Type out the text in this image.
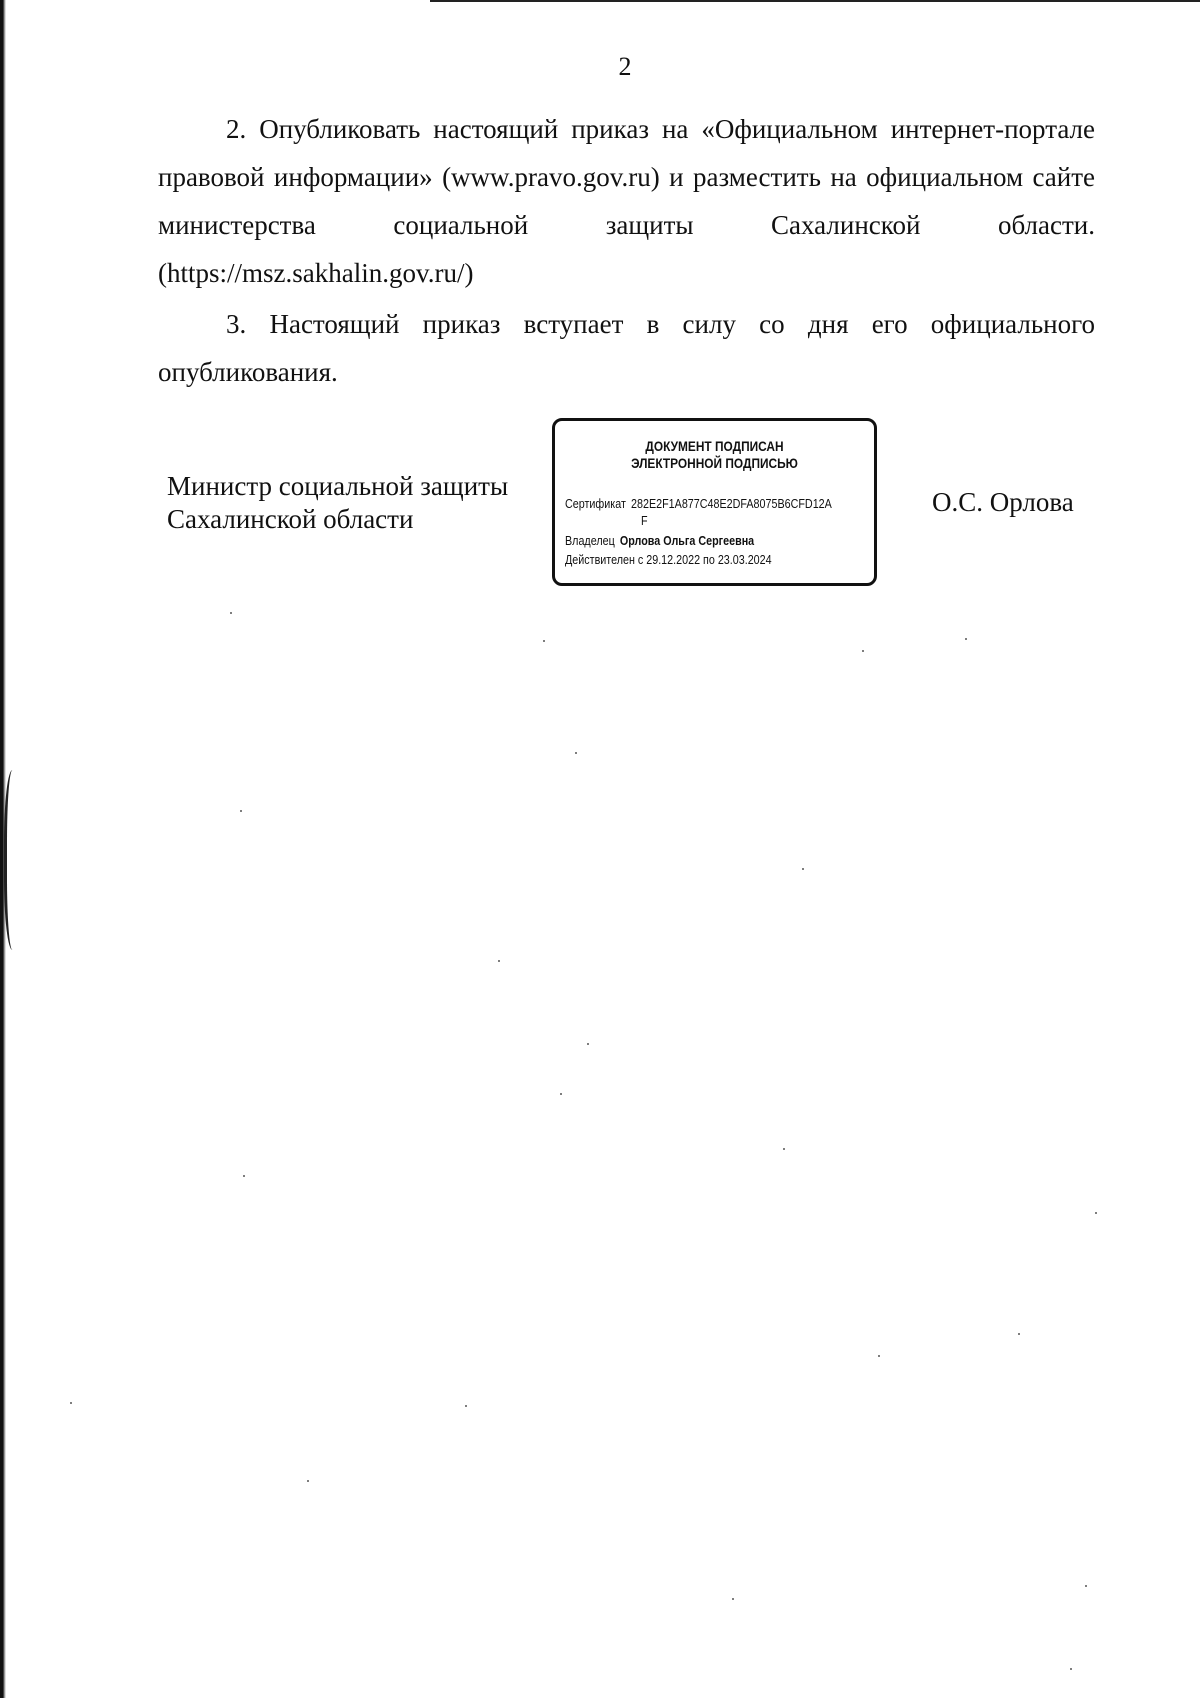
2

2. Опубликовать настоящий приказ на «Официальном интернет-портале правовой информации» (www.pravo.gov.ru) и разместить на официальном сайте министерства социальной защиты Сахалинской области. (https://msz.sakhalin.gov.ru/)

3. Настоящий приказ вступает в силу со дня его официального опубликования.

Министр социальной защиты
Сахалинской области
ДОКУМЕНТ ПОДПИСАН
ЭЛЕКТРОННОЙ ПОДПИСЬЮ
Сертификат 282E2F1A877C48E2DFA8075B6CFD12A
F
Владелец Орлова Ольга Сергеевна
Действителен с 29.12.2022 по 23.03.2024
О.С. Орлова
